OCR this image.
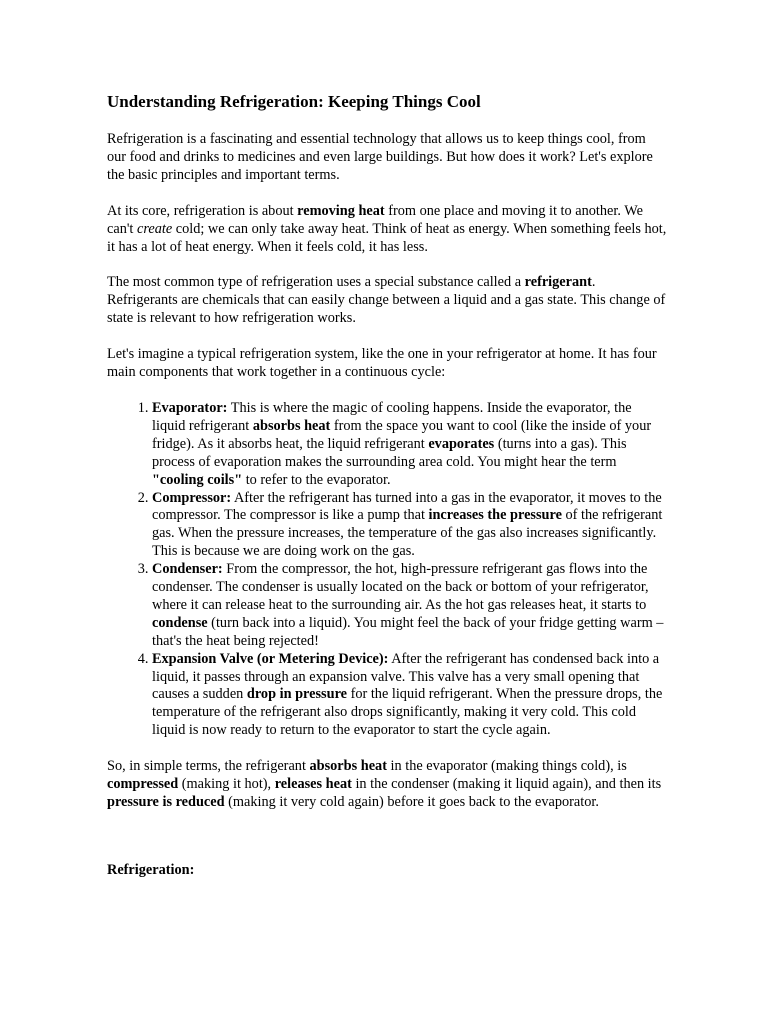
Understanding Refrigeration: Keeping Things Cool

Refrigeration is a fascinating and essential technology that allows us to keep things cool, from our food and drinks to medicines and even large buildings. But how does it work? Let's explore the basic principles and important terms.

At its core, refrigeration is about removing heat from one place and moving it to another. We can't create cold; we can only take away heat. Think of heat as energy. When something feels hot, it has a lot of heat energy. When it feels cold, it has less.

The most common type of refrigeration uses a special substance called a refrigerant. Refrigerants are chemicals that can easily change between a liquid and a gas state. This change of state is relevant to how refrigeration works.

Let's imagine a typical refrigeration system, like the one in your refrigerator at home. It has four main components that work together in a continuous cycle:

1. Evaporator: This is where the magic of cooling happens. Inside the evaporator, the liquid refrigerant absorbs heat from the space you want to cool (like the inside of your fridge). As it absorbs heat, the liquid refrigerant evaporates (turns into a gas). This process of evaporation makes the surrounding area cold. You might hear the term "cooling coils" to refer to the evaporator.
2. Compressor: After the refrigerant has turned into a gas in the evaporator, it moves to the compressor. The compressor is like a pump that increases the pressure of the refrigerant gas. When the pressure increases, the temperature of the gas also increases significantly. This is because we are doing work on the gas.
3. Condenser: From the compressor, the hot, high-pressure refrigerant gas flows into the condenser. The condenser is usually located on the back or bottom of your refrigerator, where it can release heat to the surrounding air. As the hot gas releases heat, it starts to condense (turn back into a liquid). You might feel the back of your fridge getting warm – that's the heat being rejected!
4. Expansion Valve (or Metering Device): After the refrigerant has condensed back into a liquid, it passes through an expansion valve. This valve has a very small opening that causes a sudden drop in pressure for the liquid refrigerant. When the pressure drops, the temperature of the refrigerant also drops significantly, making it very cold. This cold liquid is now ready to return to the evaporator to start the cycle again.

So, in simple terms, the refrigerant absorbs heat in the evaporator (making things cold), is compressed (making it hot), releases heat in the condenser (making it liquid again), and then its pressure is reduced (making it very cold again) before it goes back to the evaporator.

Refrigeration:
